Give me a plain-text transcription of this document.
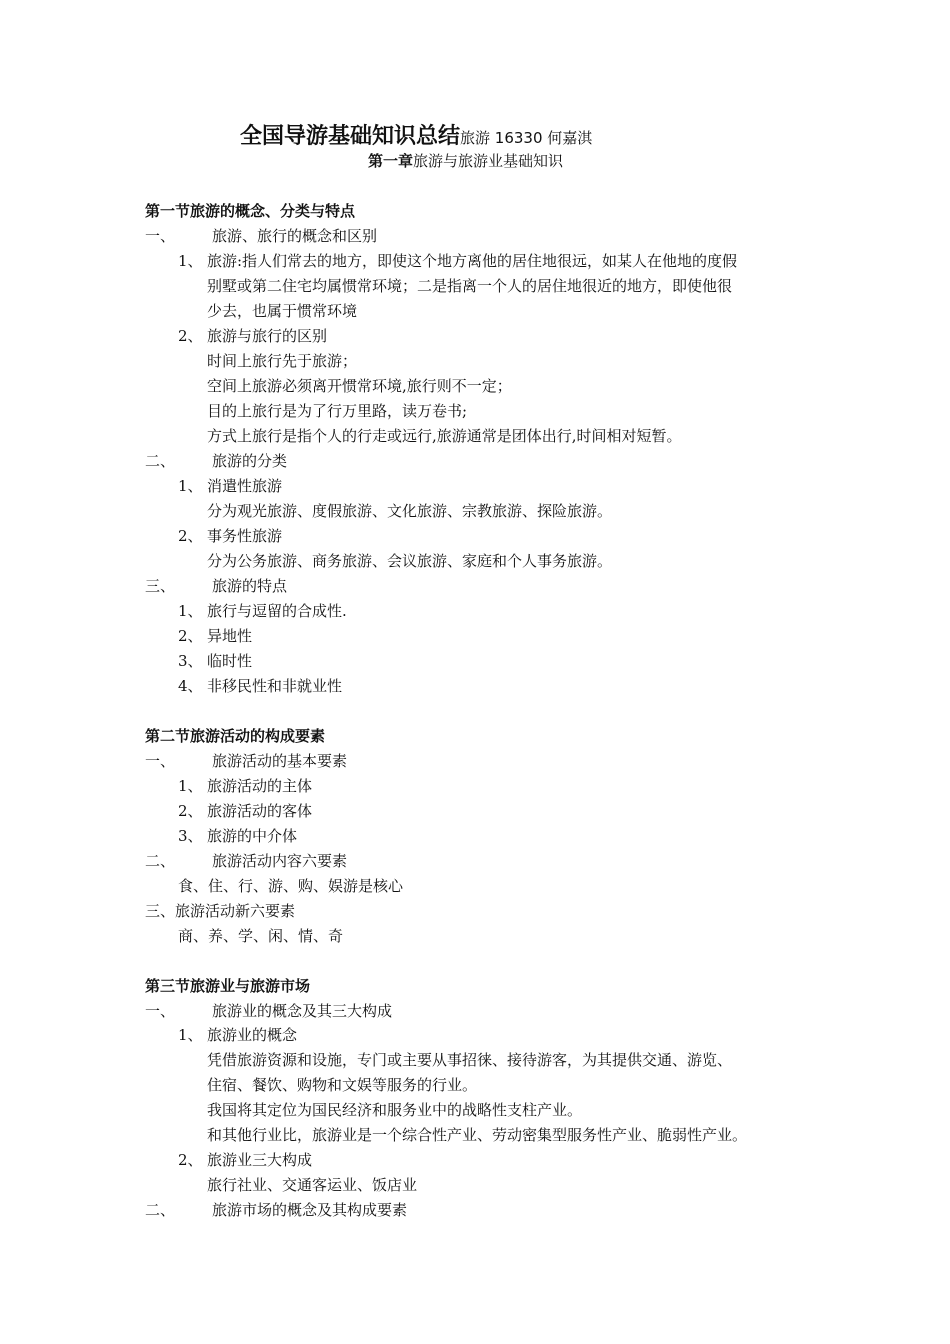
全国导游基础知识总结旅游 16330 何嘉淇
第一章旅游与旅游业基础知识
第一节旅游的概念、分类与特点
一、 旅游、旅行的概念和区别
1、 旅游:指人们常去的地方，即使这个地方离他的居住地很远，如某人在他地的度假
别墅或第二住宅均属惯常环境；二是指离一个人的居住地很近的地方，即使他很
少去，也属于惯常环境
2、 旅游与旅行的区别
时间上旅行先于旅游；
空间上旅游必须离开惯常环境,旅行则不一定；
目的上旅行是为了行万里路，读万卷书;
方式上旅行是指个人的行走或远行,旅游通常是团体出行,时间相对短暂。
二、 旅游的分类
1、 消遣性旅游
分为观光旅游、度假旅游、文化旅游、宗教旅游、探险旅游。
2、 事务性旅游
分为公务旅游、商务旅游、会议旅游、家庭和个人事务旅游。
三、 旅游的特点
1、 旅行与逗留的合成性.
2、 异地性
3、 临时性
4、 非移民性和非就业性
第二节旅游活动的构成要素
一、 旅游活动的基本要素
1、 旅游活动的主体
2、 旅游活动的客体
3、 旅游的中介体
二、 旅游活动内容六要素
食、住、行、游、购、娱游是核心
三、旅游活动新六要素
商、养、学、闲、情、奇
第三节旅游业与旅游市场
一、 旅游业的概念及其三大构成
1、 旅游业的概念
凭借旅游资源和设施，专门或主要从事招徕、接待游客，为其提供交通、游览、
住宿、餐饮、购物和文娱等服务的行业。
我国将其定位为国民经济和服务业中的战略性支柱产业。
和其他行业比，旅游业是一个综合性产业、劳动密集型服务性产业、脆弱性产业。
2、 旅游业三大构成
旅行社业、交通客运业、饭店业
二、 旅游市场的概念及其构成要素
